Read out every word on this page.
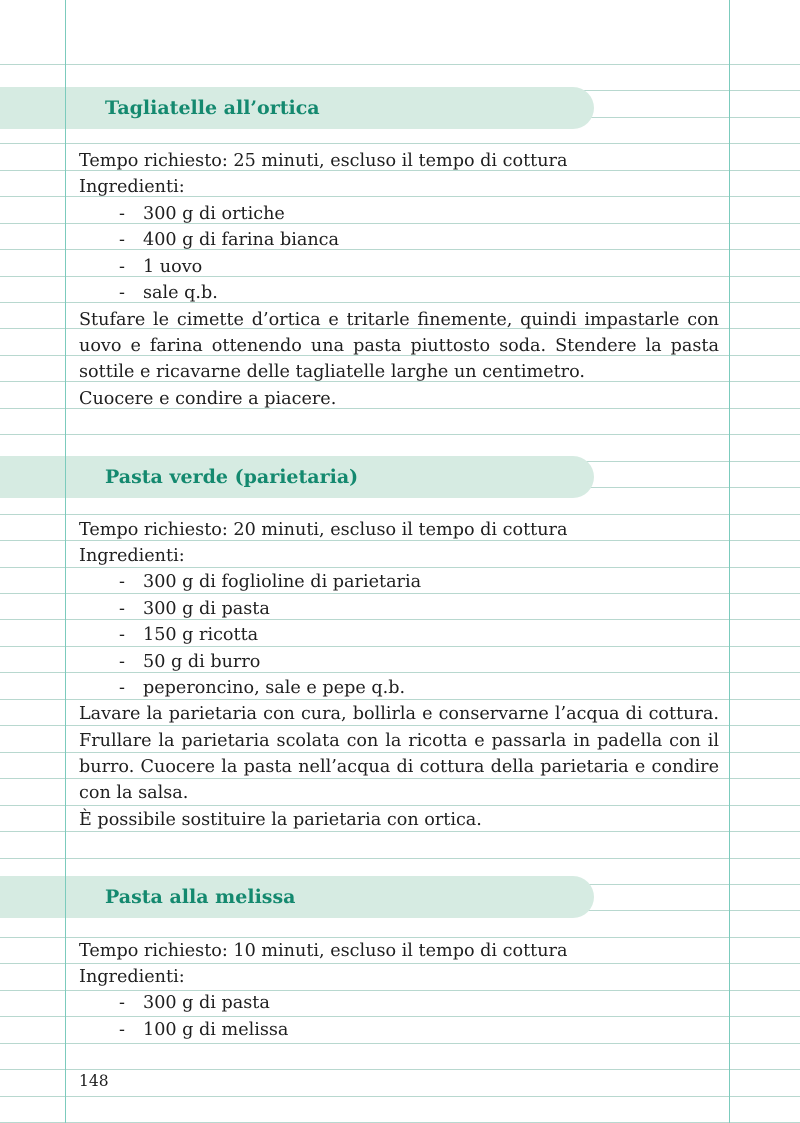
Tagliatelle all’ortica
Tempo richiesto: 25 minuti, escluso il tempo di cottura
Ingredienti:
- 300 g di ortiche
- 400 g di farina bianca
- 1 uovo
- sale q.b.
Stufare le cimette d’ortica e tritarle finemente, quindi impastarle con
uovo e farina ottenendo una pasta piuttosto soda. Stendere la pasta
sottile e ricavarne delle tagliatelle larghe un centimetro.
Cuocere e condire a piacere.
Pasta verde (parietaria)
Tempo richiesto: 20 minuti, escluso il tempo di cottura
Ingredienti:
- 300 g di foglioline di parietaria
- 300 g di pasta
- 150 g ricotta
- 50 g di burro
- peperoncino, sale e pepe q.b.
Lavare la parietaria con cura, bollirla e conservarne l’acqua di cottura.
Frullare la parietaria scolata con la ricotta e passarla in padella con il
burro. Cuocere la pasta nell’acqua di cottura della parietaria e condire
con la salsa.
È possibile sostituire la parietaria con ortica.
Pasta alla melissa
Tempo richiesto: 10 minuti, escluso il tempo di cottura
Ingredienti:
- 300 g di pasta
- 100 g di melissa
148
